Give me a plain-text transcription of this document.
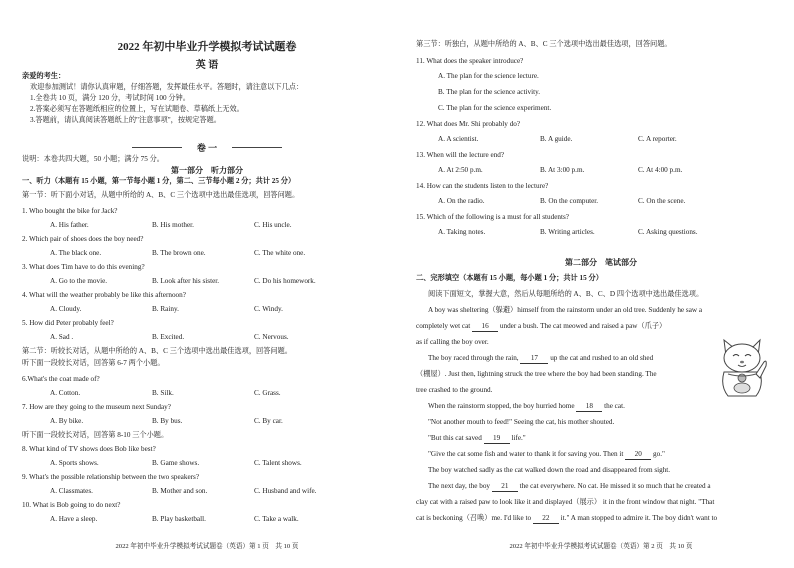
2022 年初中毕业升学模拟考试试题卷
英 语
亲爱的考生：
欢迎参加测试！请你认真审题，仔细答题，发挥最佳水平。答题时，请注意以下几点：
1.全卷共 10 页，满分 120 分，考试时间 100 分钟。
2.答案必须写在答题纸相应的位置上，写在试题卷、草稿纸上无效。
3.答题前，请认真阅读答题纸上的"注意事项"，按规定答题。
卷 一
说明：本卷共四大题，50 小题；满分 75 分。
第一部分　听力部分
一、听力（本题有 15 小题，第一节每小题 1 分，第二、三节每小题 2 分；共计 25 分）
第一节：听下面小对话，从题中所给的 A、B、C 三个选项中选出最佳选项，回答问题。
1. Who bought the bike for Jack?
A. His father.	B. His mother.	C. His uncle.
2. Which pair of shoes does the boy need?
A. The black one.	B. The brown one.	C. The white one.
3. What does Tim have to do this evening?
A. Go to the movie.	B. Look after his sister.	C. Do his homework.
4. What will the weather probably be like this afternoon?
A. Cloudy.	B. Rainy.	C. Windy.
5. How did Peter probably feel?
A. Sad .	B. Excited.	C. Nervous.
第二节：听较长对话，从题中所给的 A、B、C 三个选项中选出最佳选项，回答问题。
听下面一段较长对话，回答第 6-7 两个小题。
6.What's the coat made of?
A. Cotton.	B. Silk.	C. Grass.
7. How are they going to the museum next Sunday?
A. By bike.	B. By bus.	C. By car.
听下面一段较长对话，回答第 8-10 三个小题。
8. What kind of TV shows does Bob like best?
A. Sports shows.	B. Game shows.	C. Talent shows.
9. What's the possible relationship between the two speakers?
A. Classmates.	B. Mother and son.	C. Husband and wife.
10. What is Bob going to do next?
A. Have a sleep.	B. Play basketball.	C. Take a walk.
2022 年初中毕业升学模拟考试试题卷（英语）第 1 页　共 10 页
第三节：听独白，从题中所给的 A、B、C 三个选项中选出最佳选项，回答问题。
11. What does the speaker introduce?
A. The plan for the science lecture.
B. The plan for the science activity.
C. The plan for the science experiment.
12. What does Mr. Shi probably do?
A. A scientist.	B. A guide.	C. A reporter.
13. When will the lecture end?
A. At 2:50 p.m.	B. At 3:00 p.m.	C. At 4:00 p.m.
14. How can the students listen to the lecture?
A. On the radio.	B. On the computer.	C. On the scene.
15. Which of the following is a must for all students?
A. Taking notes.	B. Writing articles.	C. Asking questions.
第二部分　笔试部分
二、完形填空（本题有 15 小题，每小题 1 分；共计 15 分）
阅读下面短文，掌握大意，然后从每题所给的 A、B、C、D 四个选项中选出最佳选项。
A boy was sheltering（躲避）himself from the rainstorm under an old tree. Suddenly he saw a
completely wet cat 16 under a bush. The cat meowed and raised a paw（爪子）
as if calling the boy over.
The boy raced through the rain, 17 up the cat and rushed to an old shed
（棚屋）. Just then, lightning struck the tree where the boy had been standing. The
tree crashed to the ground.
When the rainstorm stopped, the boy hurried home 18 the cat.
"Not another mouth to feed!" Seeing the cat, his mother shouted.
"But this cat saved 19 life."
"Give the cat some fish and water to thank it for saving you. Then it 20 go."
The boy watched sadly as the cat walked down the road and disappeared from sight.
The next day, the boy 21 the cat everywhere. No cat. He missed it so much that he created a
clay cat with a raised paw to look like it and displayed（展示） it in the front window that night. "That
cat is beckoning（召唤）me. I'd like to 22 it." A man stopped to admire it. The boy didn't want to
2022 年初中毕业升学模拟考试试题卷（英语）第 2 页　共 10 页
